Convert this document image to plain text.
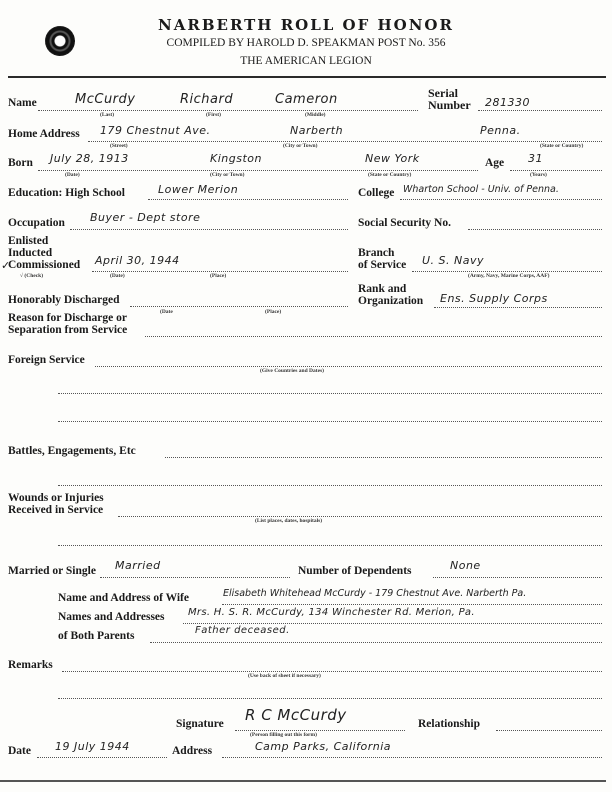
NARBERTH ROLL OF HONOR
COMPILED BY HAROLD D. SPEAKMAN POST No. 356
THE AMERICAN LEGION
Name	McCurdy	Richard	Cameron
(Last)	(First)	(Middle)
Serial
Number 281330
Home Address 179 Chestnut Ave.	Narberth	Penna.
(Street)	(City or Town)	(State or Country)
Born July 28, 1913	Kingston	New York
(Date)	(City or Town)	(State or Country)
Age 31
(Years)
Education: High School	Lower Merion	College Wharton School - Univ. of Penna.
Occupation Buyer - Dept store	Social Security No.
Enlisted
Inducted
Commissioned
✓	April 30, 1944
√ (Check)	(Date)	(Place)
Branch
of Service U. S. Navy
(Army, Navy, Marine Corps, AAF)
Honorably Discharged
(Date	(Place)
Rank and
Organization Ens. Supply Corps
Reason for Discharge or
Separation from Service
Foreign Service
(Give Countries and Dates)
Battles, Engagements, Etc
Wounds or Injuries
Received in Service
(List places, dates, hospitals)
Married or Single Married	Number of Dependents	None
Name and Address of Wife	Elisabeth Whitehead McCurdy - 179 Chestnut Ave. Narberth Pa.
Names and Addresses Mrs. H. S. R. McCurdy, 134 Winchester Rd. Merion, Pa.
of Both Parents	Father deceased.
Remarks
(Use back of sheet if necessary)
Signature R C McCurdy
(Person filling out this form)
Relationship
Date 19 July 1944	Address	Camp Parks, California
